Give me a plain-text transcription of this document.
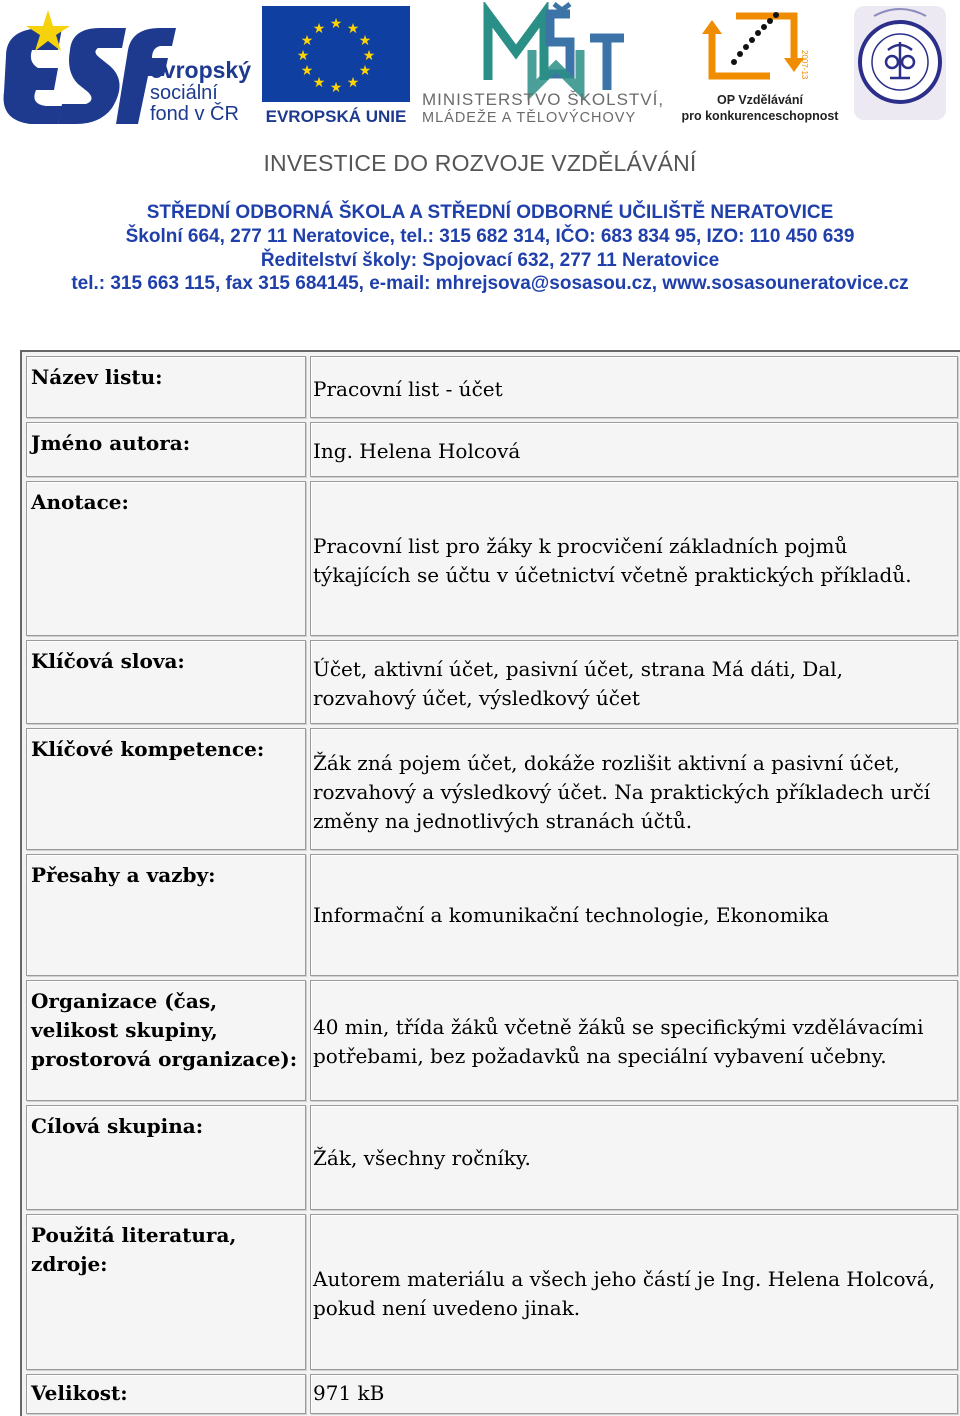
evropský
sociální
fond v ČR
★ ★
★
★
★
★
★
★
★
★
★
★
EVROPSKÁ UNIE
MINISTERSTVO ŠKOLSTVÍ,
MLÁDEŽE A TĚLOVÝCHOVY
2007-13
OP Vzdělávání
pro konkurenceschopnost
INVESTICE DO ROZVOJE VZDĚLÁVÁNÍ
STŘEDNÍ ODBORNÁ ŠKOLA A STŘEDNÍ ODBORNÉ UČILIŠTĚ NERATOVICE
Školní 664, 277 11 Neratovice, tel.: 315 682 314, IČO: 683 834 95, IZO: 110 450 639
Ředitelství školy: Spojovací 632, 277 11 Neratovice
tel.: 315 663 115, fax 315 684145, e-mail: mhrejsova@sosasou.cz, www.sosasouneratovice.cz
Název listu:	Pracovní list - účet
Jméno autora:	Ing. Helena Holcová
Anotace:
Pracovní list pro žáky k procvičení základních pojmů týkajících se účtu v účetnictví včetně praktických příkladů.
Klíčová slova:	Účet, aktivní účet, pasivní účet, strana Má dáti, Dal, rozvahový účet, výsledkový účet
Klíčové kompetence:
Žák zná pojem účet, dokáže rozlišit aktivní a pasivní účet, rozvahový a výsledkový účet. Na praktických příkladech určí změny na jednotlivých stranách účtů.
Přesahy a vazby:
Informační a komunikační technologie, Ekonomika
Organizace (čas, velikost skupiny, prostorová organizace):
40 min, třída žáků včetně žáků se specifickými vzdělávacími potřebami, bez požadavků na speciální vybavení učebny.
Cílová skupina:
Žák, všechny ročníky.
Použitá literatura, zdroje:
Autorem materiálu a všech jeho částí je Ing. Helena Holcová, pokud není uvedeno jinak.
Velikost:	971 kB
